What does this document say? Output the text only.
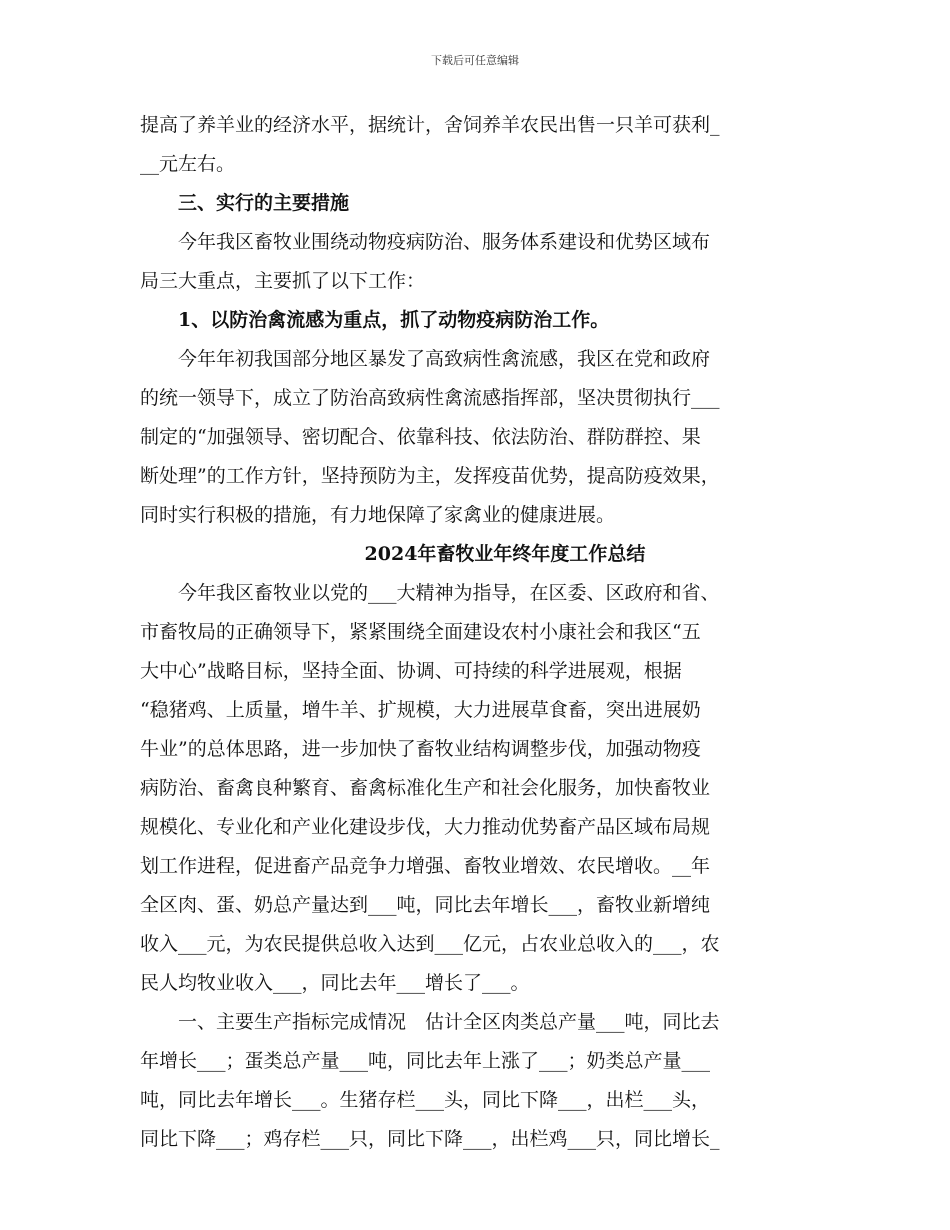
下载后可任意编辑
提高了养羊业的经济水平，据统计，舍饲养羊农民出售一只羊可获利_
__元左右。
　　三、实行的主要措施
　　今年我区畜牧业围绕动物疫病防治、服务体系建设和优势区域布
局三大重点，主要抓了以下工作：
　　1、以防治禽流感为重点，抓了动物疫病防治工作。
　　今年年初我国部分地区暴发了高致病性禽流感，我区在党和政府
的统一领导下，成立了防治高致病性禽流感指挥部，坚决贯彻执行___
制定的“加强领导、密切配合、依靠科技、依法防治、群防群控、果
断处理”的工作方针，坚持预防为主，发挥疫苗优势，提高防疫效果，
同时实行积极的措施，有力地保障了家禽业的健康进展。
2024年畜牧业年终年度工作总结
　　今年我区畜牧业以党的___大精神为指导，在区委、区政府和省、
市畜牧局的正确领导下，紧紧围绕全面建设农村小康社会和我区“五
大中心”战略目标，坚持全面、协调、可持续的科学进展观，根据
“稳猪鸡、上质量，增牛羊、扩规模，大力进展草食畜，突出进展奶
牛业”的总体思路，进一步加快了畜牧业结构调整步伐，加强动物疫
病防治、畜禽良种繁育、畜禽标准化生产和社会化服务，加快畜牧业
规模化、专业化和产业化建设步伐，大力推动优势畜产品区域布局规
划工作进程，促进畜产品竞争力增强、畜牧业增效、农民增收。__年
全区肉、蛋、奶总产量达到___吨，同比去年增长___，畜牧业新增纯
收入___元，为农民提供总收入达到___亿元，占农业总收入的___，农
民人均牧业收入___，同比去年___增长了___。
　　一、主要生产指标完成情况　估计全区肉类总产量___吨，同比去
年增长___；蛋类总产量___吨，同比去年上涨了___；奶类总产量___
吨，同比去年增长___。生猪存栏___头，同比下降___，出栏___头，
同比下降___；鸡存栏___只，同比下降___，出栏鸡___只，同比增长_
